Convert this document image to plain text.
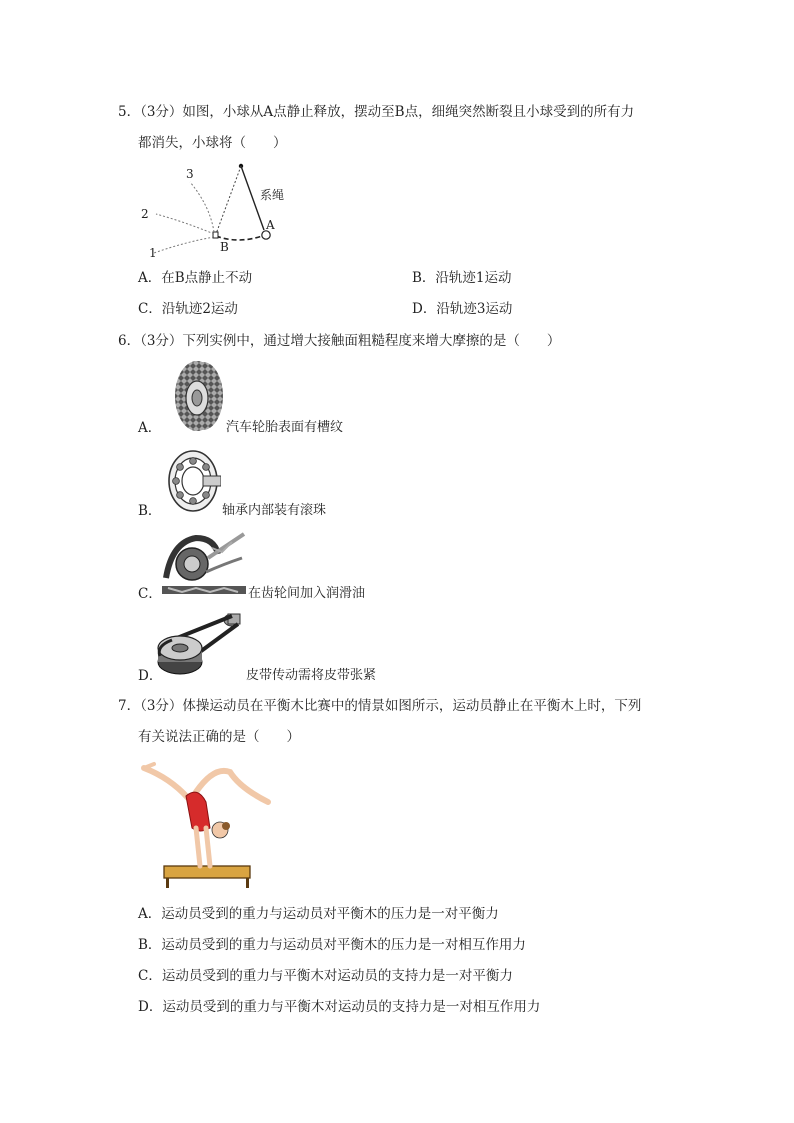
5．（3分）如图，小球从A点静止释放，摆动至B点，细绳突然断裂且小球受到的所有力
都消失，小球将（　　）
1
2
3
系绳
A
B
A．在B点静止不动	B．沿轨迹1运动
C．沿轨迹2运动	D．沿轨迹3运动
6．（3分）下列实例中，通过增大接触面粗糙程度来增大摩擦的是（　　）
A．	汽车轮胎表面有槽纹
B．	轴承内部装有滚珠
C．	在齿轮间加入润滑油
D．	皮带传动需将皮带张紧
7．（3分）体操运动员在平衡木比赛中的情景如图所示，运动员静止在平衡木上时，下列
有关说法正确的是（　　）
A．运动员受到的重力与运动员对平衡木的压力是一对平衡力
B．运动员受到的重力与运动员对平衡木的压力是一对相互作用力
C．运动员受到的重力与平衡木对运动员的支持力是一对平衡力
D．运动员受到的重力与平衡木对运动员的支持力是一对相互作用力
